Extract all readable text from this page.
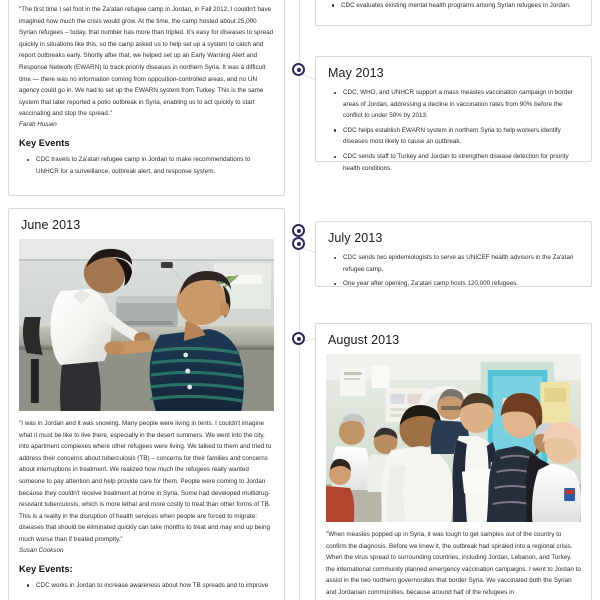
"The first time I set foot in the Za'atari refugee camp in Jordan, in Fall 2012, I couldn't have imagined how much the crisis would grow. At the time, the camp hosted about 25,000 Syrian refugees – today, that number has more than tripled. It's easy for diseases to spread quickly in situations like this, so the camp asked us to help set up a system to catch and report outbreaks early. Shortly after that, we helped set up an Early Warning Alert and Response Network (EWARN) to track priority diseases in northern Syria. It was a difficult time — there was no information coming from opposition-controlled areas, and no UN agency could go in. We had to set up the EWARN system from Turkey. This is the same system that later reported a polio outbreak in Syria, enabling us to act quickly to start vaccinating and stop the spread."

Farah Husain

Key Events
CDC travels to Za'atari refugee camp in Jordan to make recommendations to UNHCR for a surveillance, outbreak alert, and response system.
June 2013

"I was in Jordan and it was snowing. Many people were living in tents. I couldn't imagine what it must be like to live there, especially in the desert summers. We went into the city, into apartment complexes where other refugees were living. We talked to them and tried to address their concerns about tuberculosis (TB) – concerns for their families and concerns about interruptions in treatment. We realized how much the refugees really wanted someone to pay attention and help provide care for them. People were coming to Jordan because they couldn't receive treatment at home in Syria. Some had developed multidrug-resistant tuberculosis, which is more lethal and more costly to treat than other forms of TB. This is a reality in the disruption of health services when people are forced to migrate: diseases that should be eliminated quickly can take months to treat and may end up being much worse than if treated promptly."

Susan Cookson

Key Events:
CDC works in Jordan to increase awareness about how TB spreads and to improve
CDC evaluates existing mental health programs among Syrian refugees in Jordan.
May 2013
CDC, WHO, and UNHCR support a mass measles vaccination campaign in border areas of Jordan, addressing a decline in vaccination rates from 90% before the conflict to under 50% by 2013.
CDC helps establish EWARN system in northern Syria to help workers identify diseases most likely to cause an outbreak.
CDC sends staff to Turkey and Jordan to strengthen disease detection for priority health conditions.
July 2013
CDC sends two epidemiologists to serve as UNICEF health advisors in the Za'atari refugee camp.
One year after opening, Za'atari camp hosts 120,000 refugees.
August 2013

"When measles popped up in Syria, it was tough to get samples out of the country to confirm the diagnosis. Before we knew it, the outbreak had spiraled into a regional crisis. When the virus spread to surrounding countries, including Jordan, Lebanon, and Turkey, the international community planned emergency vaccination campaigns. I went to Jordan to assist in the two northern governorates that border Syria. We vaccinated both the Syrian and Jordanian communities, because around half of the refugees in
